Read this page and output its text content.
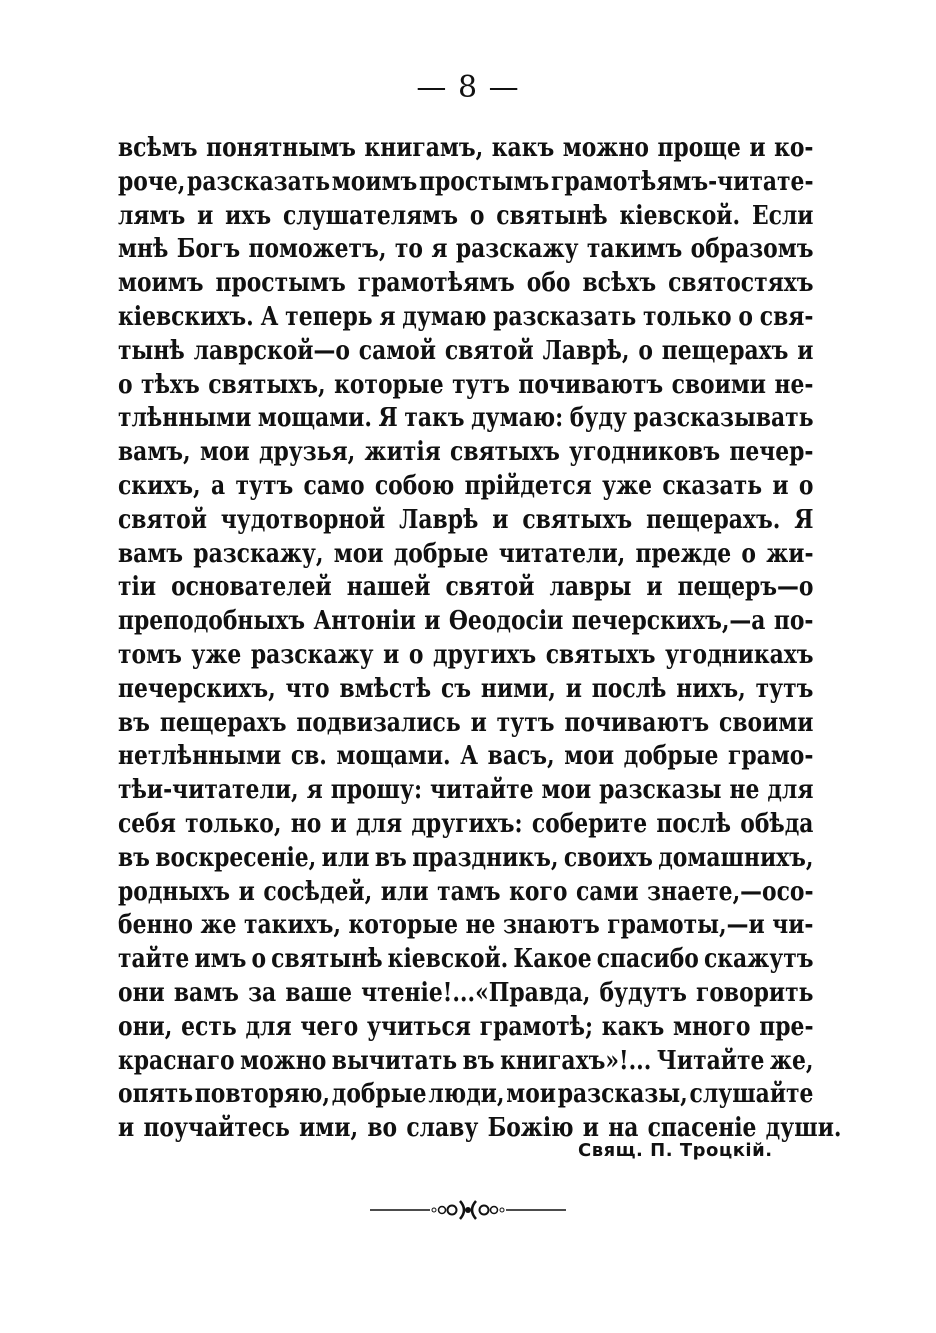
— 8 —
всѣмъ понятнымъ книгамъ, какъ можно проще и ко-
роче, разсказать моимъ простымъ грамотѣямъ-читате-
лямъ и ихъ слушателямъ о святынѣ кіевской. Если
мнѣ Богъ поможетъ, то я разскажу такимъ образомъ
моимъ простымъ грамотѣямъ обо всѣхъ святостяхъ
кіевскихъ. А теперь я думаю разсказать только о свя-
тынѣ лаврской—о самой святой Лаврѣ, о пещерахъ и
о тѣхъ святыхъ, которые тутъ почиваютъ своими не-
тлѣнными мощами. Я такъ думаю: буду разсказывать
вамъ, мои друзья, житія святыхъ угодниковъ печер-
скихъ, а тутъ само собою прійдется уже сказать и о
святой чудотворной Лаврѣ и святыхъ пещерахъ. Я
вамъ разскажу, мои добрые читатели, прежде о жи-
тіи основателей нашей святой лавры и пещеръ—о
преподобныхъ Антоніи и Ѳеодосіи печерскихъ,—а по-
томъ уже разскажу и о другихъ святыхъ угодникахъ
печерскихъ, что вмѣстѣ съ ними, и послѣ нихъ, тутъ
въ пещерахъ подвизались и тутъ почиваютъ своими
нетлѣнными св. мощами. А васъ, мои добрые грамо-
тѣи-читатели, я прошу: читайте мои разсказы не для
себя только, но и для другихъ: соберите послѣ обѣда
въ воскресеніе, или въ праздникъ, своихъ домашнихъ,
родныхъ и сосѣдей, или тамъ кого сами знаете,—осо-
бенно же такихъ, которые не знаютъ грамоты,—и чи-
тайте имъ о святынѣ кіевской. Какое спасибо скажутъ
они вамъ за ваше чтеніе!...«Правда, будутъ говорить
они, есть для чего учиться грамотѣ; какъ много пре-
краснаго можно вычитать въ книгахъ»!... Читайте же,
опять повторяю, добрые люди, мои разсказы, слушайте
и поучайтесь ими, во славу Божію и на спасеніе души.
Свящ. П. Троцкій.
